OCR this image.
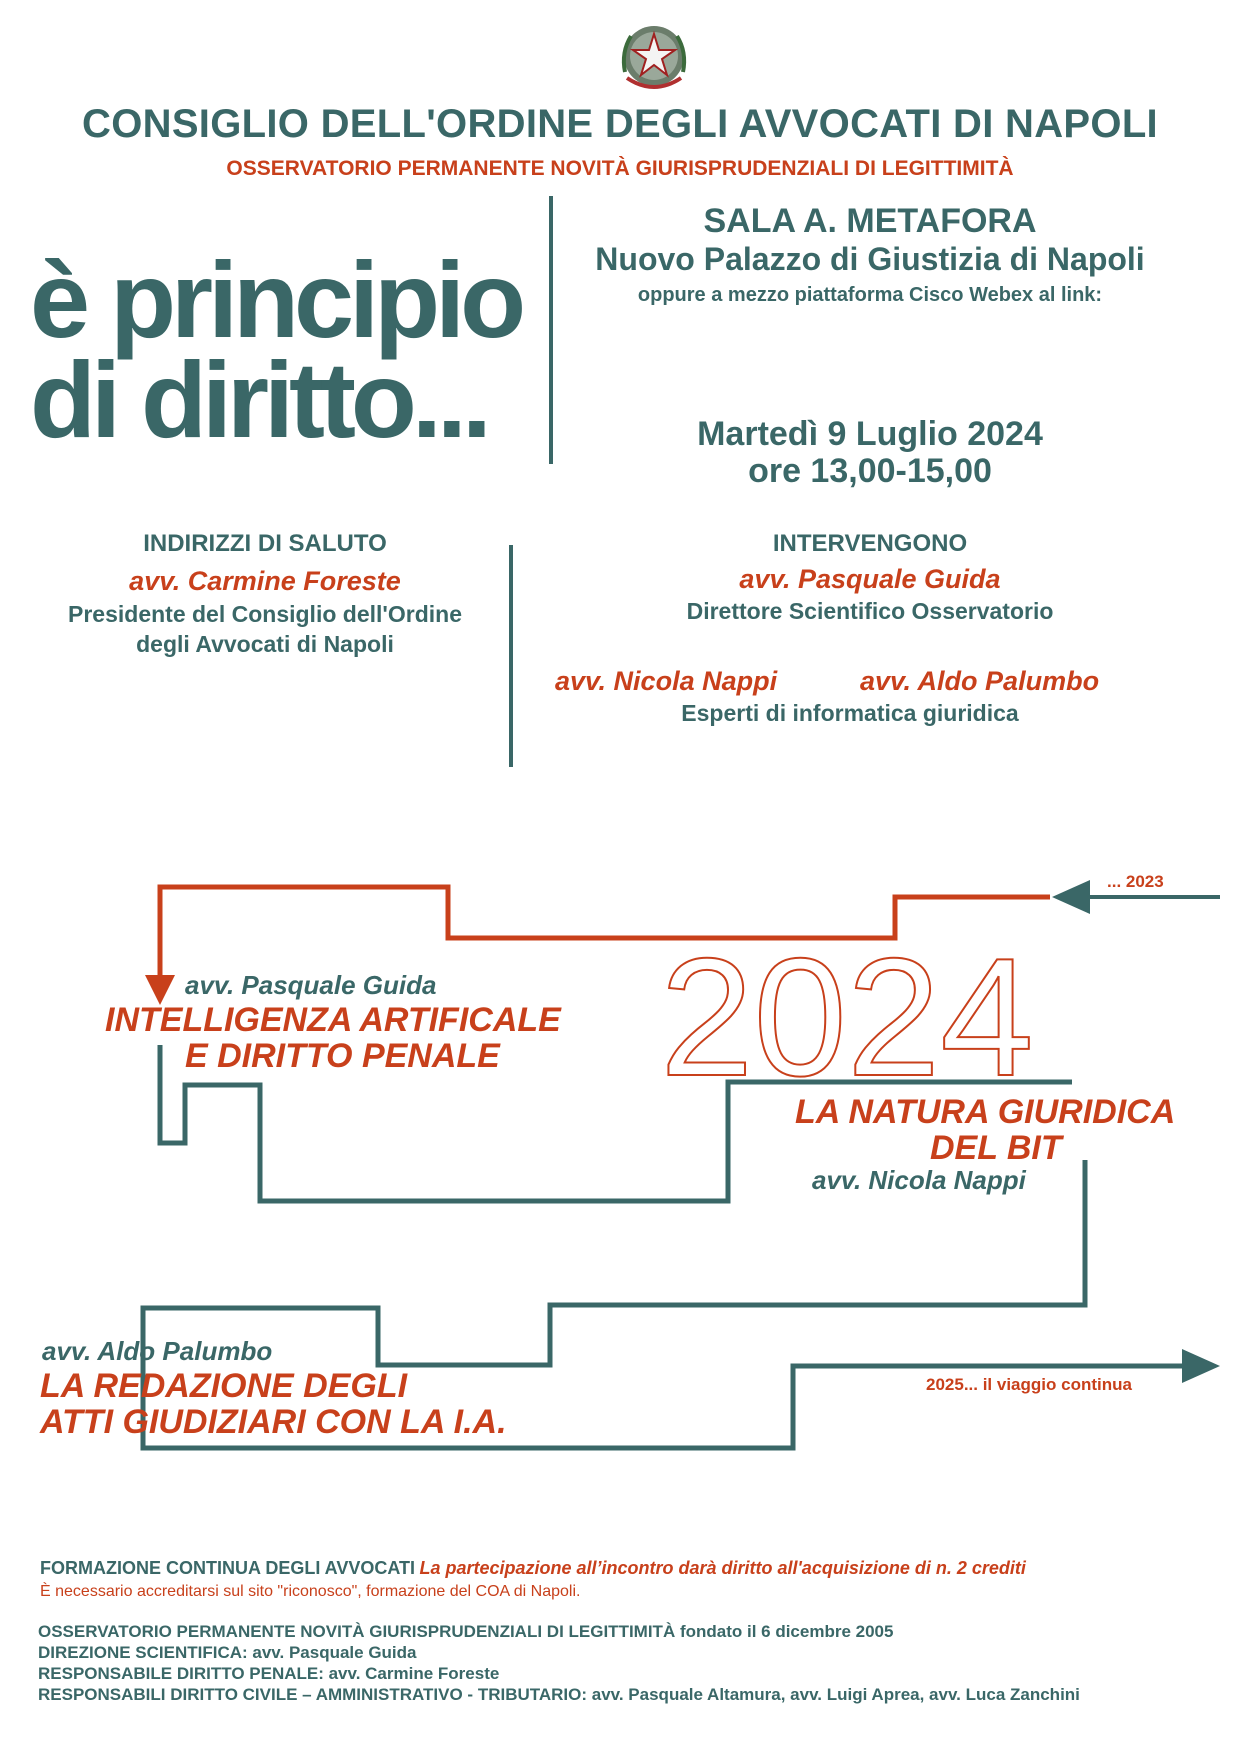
CONSIGLIO DELL'ORDINE DEGLI AVVOCATI DI NAPOLI
OSSERVATORIO PERMANENTE NOVITÀ GIURISPRUDENZIALI DI LEGITTIMITÀ
è principio
di diritto...
SALA A. METAFORA
Nuovo Palazzo di Giustizia di Napoli
oppure a mezzo piattaforma Cisco Webex al link:
Martedì 9 Luglio 2024
ore 13,00-15,00
INDIRIZZI DI SALUTO
avv. Carmine Foreste
Presidente del Consiglio dell'Ordine
degli Avvocati di Napoli
INTERVENGONO
avv. Pasquale Guida
Direttore Scientifico Osservatorio
avv. Nicola Nappi	avv. Aldo Palumbo
Esperti di informatica giuridica
2024
... 2023
2025... il viaggio continua
avv. Pasquale Guida
INTELLIGENZA ARTIFICALE
E DIRITTO PENALE
LA NATURA GIURIDICA
DEL BIT
avv. Nicola Nappi
avv. Aldo Palumbo
LA REDAZIONE DEGLI
ATTI GIUDIZIARI CON LA I.A.
FORMAZIONE CONTINUA DEGLI AVVOCATI La partecipazione all’incontro darà diritto all'acquisizione di n. 2 crediti
È necessario accreditarsi sul sito "riconosco", formazione del COA di Napoli.
OSSERVATORIO PERMANENTE NOVITÀ GIURISPRUDENZIALI DI LEGITTIMITÀ fondato il 6 dicembre 2005
DIREZIONE SCIENTIFICA: avv. Pasquale Guida
RESPONSABILE DIRITTO PENALE: avv. Carmine Foreste
RESPONSABILI DIRITTO CIVILE – AMMINISTRATIVO - TRIBUTARIO: avv. Pasquale Altamura, avv. Luigi Aprea, avv. Luca Zanchini
